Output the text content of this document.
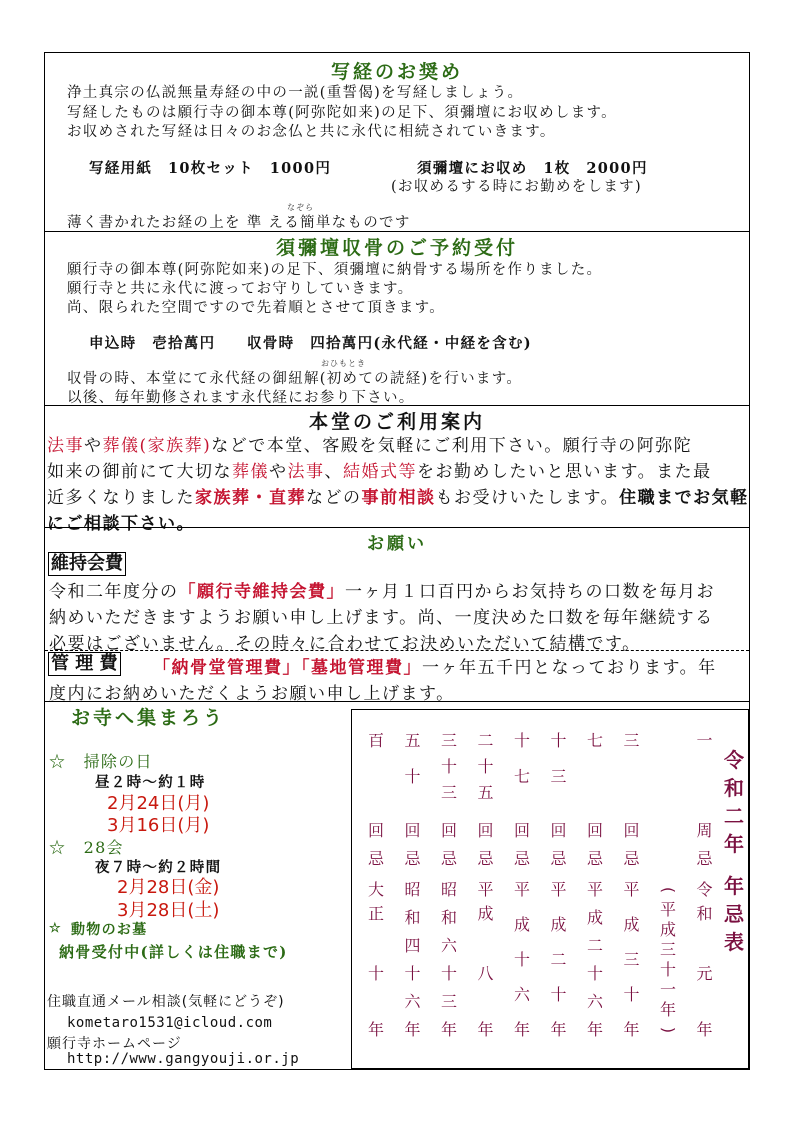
写経のお奨め
浄土真宗の仏説無量寿経の中の一説(重誓偈)を写経しましょう。
写経したものは願行寺の御本尊(阿弥陀如来)の足下、須彌壇にお収めします。
お収めされた写経は日々のお念仏と共に永代に相続されていきます。
写経用紙　10枚セット　1000円	須彌壇にお収め　1枚　2000円
(お収めるする時にお勤めをします)
なぞら
薄く書かれたお経の上を 準 える簡単なものです
須彌壇収骨のご予約受付
願行寺の御本尊(阿弥陀如来)の足下、須彌壇に納骨する場所を作りました。
願行寺と共に永代に渡ってお守りしていきます。
尚、限られた空間ですので先着順とさせて頂きます。
申込時　壱拾萬円　　収骨時　四拾萬円(永代経・中経を含む)
おひもとき
収骨の時、本堂にて永代経の御紐解(初めての読経)を行います。
以後、毎年勤修されます永代経にお参り下さい。
本堂のご利用案内
法事や葬儀(家族葬)などで本堂、客殿を気軽にご利用下さい。願行寺の阿弥陀
如来の御前にて大切な葬儀や法事、結婚式等をお勤めしたいと思います。また最
近多くなりました家族葬・直葬などの事前相談もお受けいたします。住職までお気軽
にご相談下さい。
お願い
維持会費
令和二年度分の「願行寺維持会費」一ヶ月１口百円からお気持ちの口数を毎月お
納めいただきますようお願い申し上げます。尚、一度決めた口数を毎年継続する
必要はございません。その時々に合わせてお決めいただいて結構です。
管 理 費 「納骨堂管理費」「墓地管理費」一ヶ年五千円となっております。年
度内にお納めいただくようお願い申し上げます。
お寺へ集まろう
☆　掃除の日
昼２時～約１時
2月24日(月)
3月16日(月)
☆　28会
夜７時～約２時間
2月28日(金)
3月28日(土)
☆ 動物のお墓
納骨受付中(詳しくは住職まで)
住職直通メール相談(気軽にどうぞ)
kometaro1531@icloud.com
願行寺ホームページ
http://www.gangyouji.or.jp
百
回
忌
大
正
十
年
五
十
回
忌
昭
和
四
十
六
年
三
十
三
回
忌
昭
和
六
十
三
年
二
十
五
回
忌
平
成
八
年
十
七
回
忌
平
成
十
六
年
十
三
回
忌
平
成
二
十
年
七
回
忌
平
成
二
十
六
年
三
回
忌
平
成
三
十
年
(
平
成
三
十
一
年
)
一
周
忌
令
和
元
年
令
和
二
年
年
忌
表
